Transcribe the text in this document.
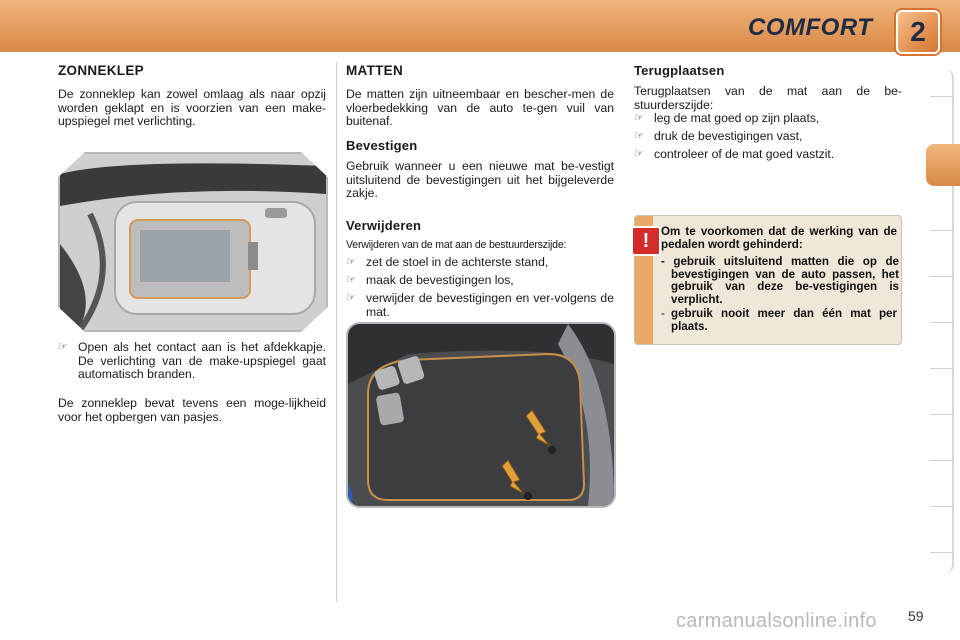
COMFORT	2
ZONNEKLEP
De zonneklep kan zowel omlaag als naar opzij worden geklapt en is voorzien van een make-upspiegel met verlichting.
☞ Open als het contact aan is het afdekkapje. De verlichting van de make-upspiegel gaat automatisch branden.
De zonneklep bevat tevens een moge-lijkheid voor het opbergen van pasjes.
MATTEN
De matten zijn uitneembaar en bescher-men de vloerbedekking van de auto te-gen vuil van buitenaf.
Bevestigen
Gebruik wanneer u een nieuwe mat be-vestigt uitsluitend de bevestigingen uit het bijgeleverde zakje.
Verwijderen
Verwijderen van de mat aan de bestuurderszijde:
☞ zet de stoel in de achterste stand,
☞ maak de bevestigingen los,
☞ verwijder de bevestigingen en ver-volgens de mat.
Terugplaatsen
Terugplaatsen van de mat aan de be-stuurderszijde:
☞ leg de mat goed op zijn plaats,
☞ druk de bevestigingen vast,
☞ controleer of de mat goed vastzit.
!	Om te voorkomen dat de werking van de pedalen wordt gehinderd:
- gebruik uitsluitend matten die op de bevestigingen van de auto passen, het gebruik van deze be-vestigingen is verplicht.
- gebruik nooit meer dan één mat per plaats.
carmanualsonline.info 59
